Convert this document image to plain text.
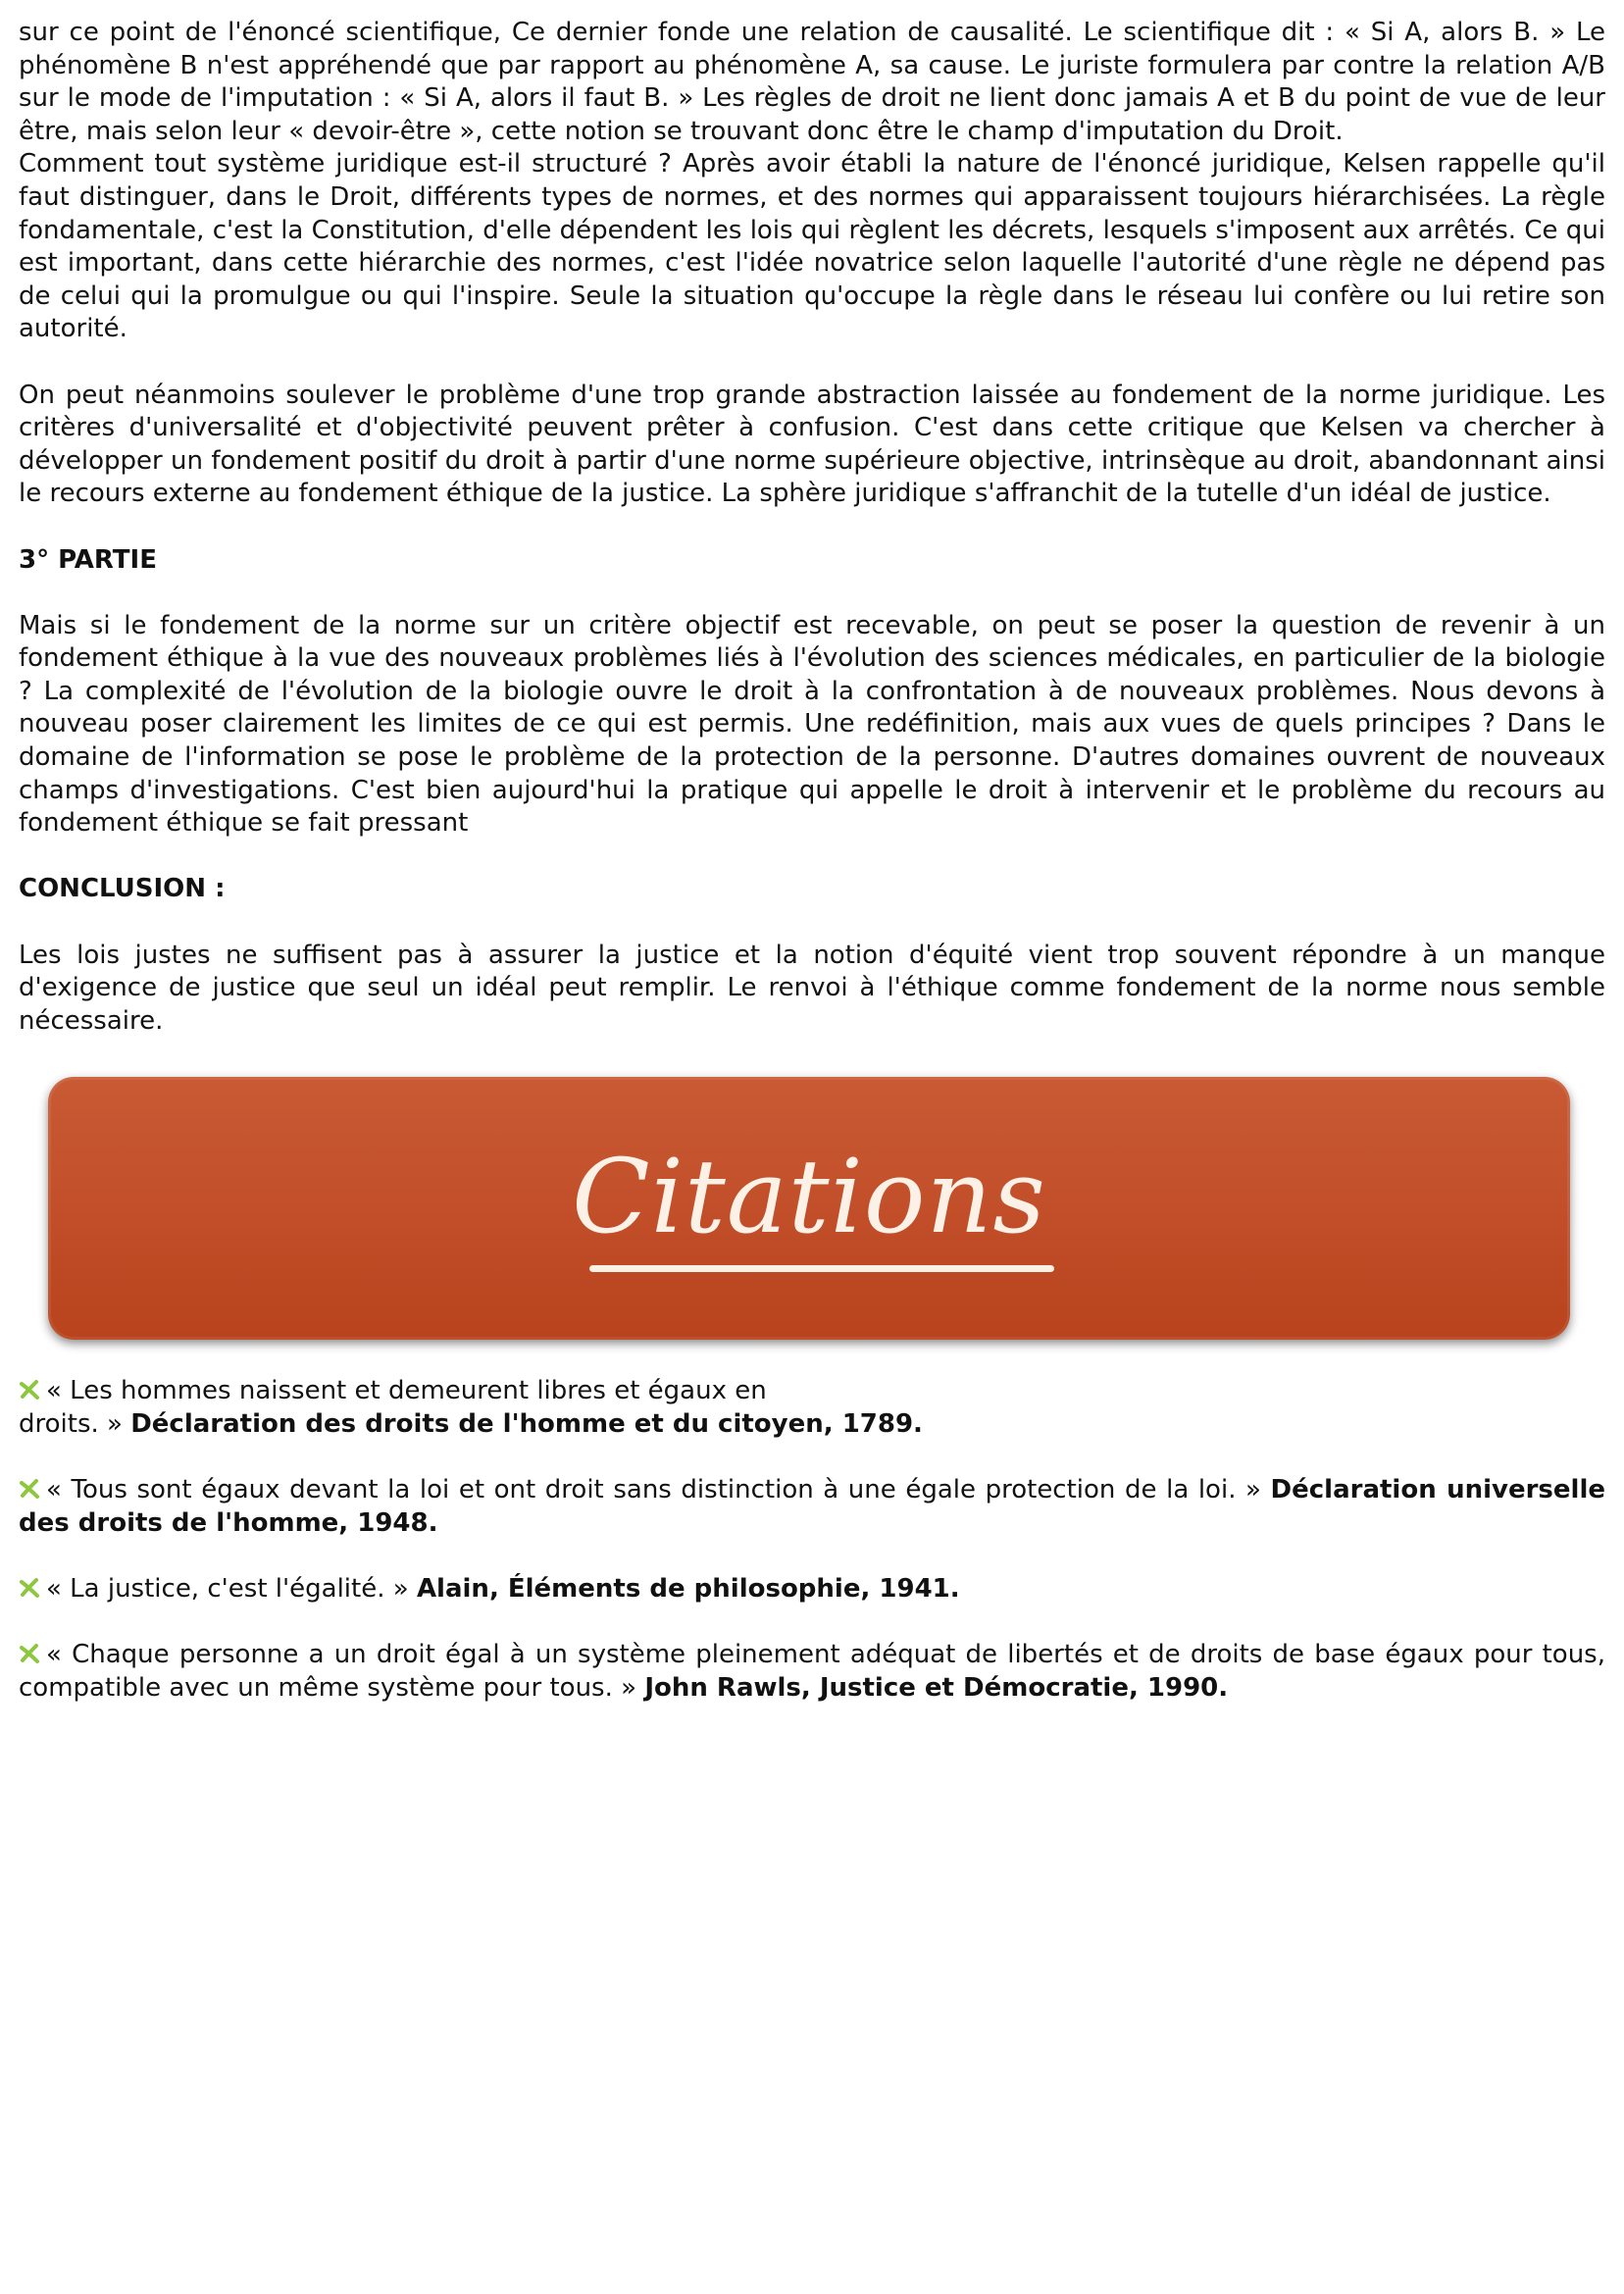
sur ce point de l'énoncé scientifique, Ce dernier fonde une relation de causalité. Le scientifique dit : « Si A, alors B. » Le phénomène B n'est appréhendé que par rapport au phénomène A, sa cause. Le juriste formulera par contre la relation A/B sur le mode de l'imputation : « Si A, alors il faut B. » Les règles de droit ne lient donc jamais A et B du point de vue de leur être, mais selon leur « devoir-être », cette notion se trouvant donc être le champ d'imputation du Droit.

Comment tout système juridique est-il structuré ? Après avoir établi la nature de l'énoncé juridique, Kelsen rappelle qu'il faut distinguer, dans le Droit, différents types de normes, et des normes qui apparaissent toujours hiérarchisées. La règle fondamentale, c'est la Constitution, d'elle dépendent les lois qui règlent les décrets, lesquels s'imposent aux arrêtés. Ce qui est important, dans cette hiérarchie des normes, c'est l'idée novatrice selon laquelle l'autorité d'une règle ne dépend pas de celui qui la promulgue ou qui l'inspire. Seule la situation qu'occupe la règle dans le réseau lui confère ou lui retire son autorité.

On peut néanmoins soulever le problème d'une trop grande abstraction laissée au fondement de la norme juridique. Les critères d'universalité et d'objectivité peuvent prêter à confusion. C'est dans cette critique que Kelsen va chercher à développer un fondement positif du droit à partir d'une norme supérieure objective, intrinsèque au droit, abandonnant ainsi le recours externe au fondement éthique de la justice. La sphère juridique s'affranchit de la tutelle d'un idéal de justice.

3° PARTIE

Mais si le fondement de la norme sur un critère objectif est recevable, on peut se poser la question de revenir à un fondement éthique à la vue des nouveaux problèmes liés à l'évolution des sciences médicales, en particulier de la biologie ? La complexité de l'évolution de la biologie ouvre le droit à la confrontation à de nouveaux problèmes. Nous devons à nouveau poser clairement les limites de ce qui est permis. Une redéfinition, mais aux vues de quels principes ? Dans le domaine de l'information se pose le problème de la protection de la personne. D'autres domaines ouvrent de nouveaux champs d'investigations. C'est bien aujourd'hui la pratique qui appelle le droit à intervenir et le problème du recours au fondement éthique se fait pressant

CONCLUSION :

Les lois justes ne suffisent pas à assurer la justice et la notion d'équité vient trop souvent répondre à un manque d'exigence de justice que seul un idéal peut remplir. Le renvoi à l'éthique comme fondement de la norme nous semble nécessaire.

Citations

« Les hommes naissent et demeurent libres et égaux en
droits. » Déclaration des droits de l'homme et du citoyen, 1789.

« Tous sont égaux devant la loi et ont droit sans distinction à une égale protection de la loi. » Déclaration universelle des droits de l'homme, 1948.

« La justice, c'est l'égalité. » Alain, Éléments de philosophie, 1941.

« Chaque personne a un droit égal à un système pleinement adéquat de libertés et de droits de base égaux pour tous, compatible avec un même système pour tous. » John Rawls, Justice et Démocratie, 1990.
